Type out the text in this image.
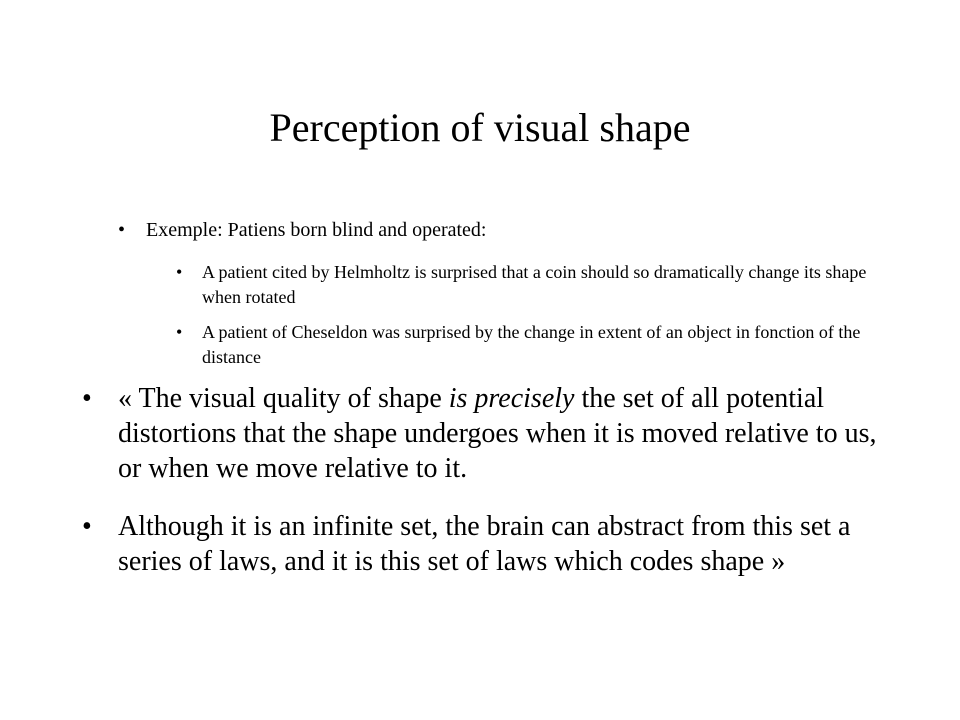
Perception of visual shape
•	Exemple: Patiens born blind and operated:
•	A patient cited by Helmholtz is surprised that a coin should so dramatically change its shape when rotated
•	A patient of Cheseldon was surprised by the change in extent of an object in fonction of the distance
• « The visual quality of shape is precisely the set of all potential distortions that the shape undergoes when it is moved relative to us, or when we move relative to it.
• Although it is an infinite set, the brain can abstract from this set a series of laws, and it is this set of laws which codes shape »
